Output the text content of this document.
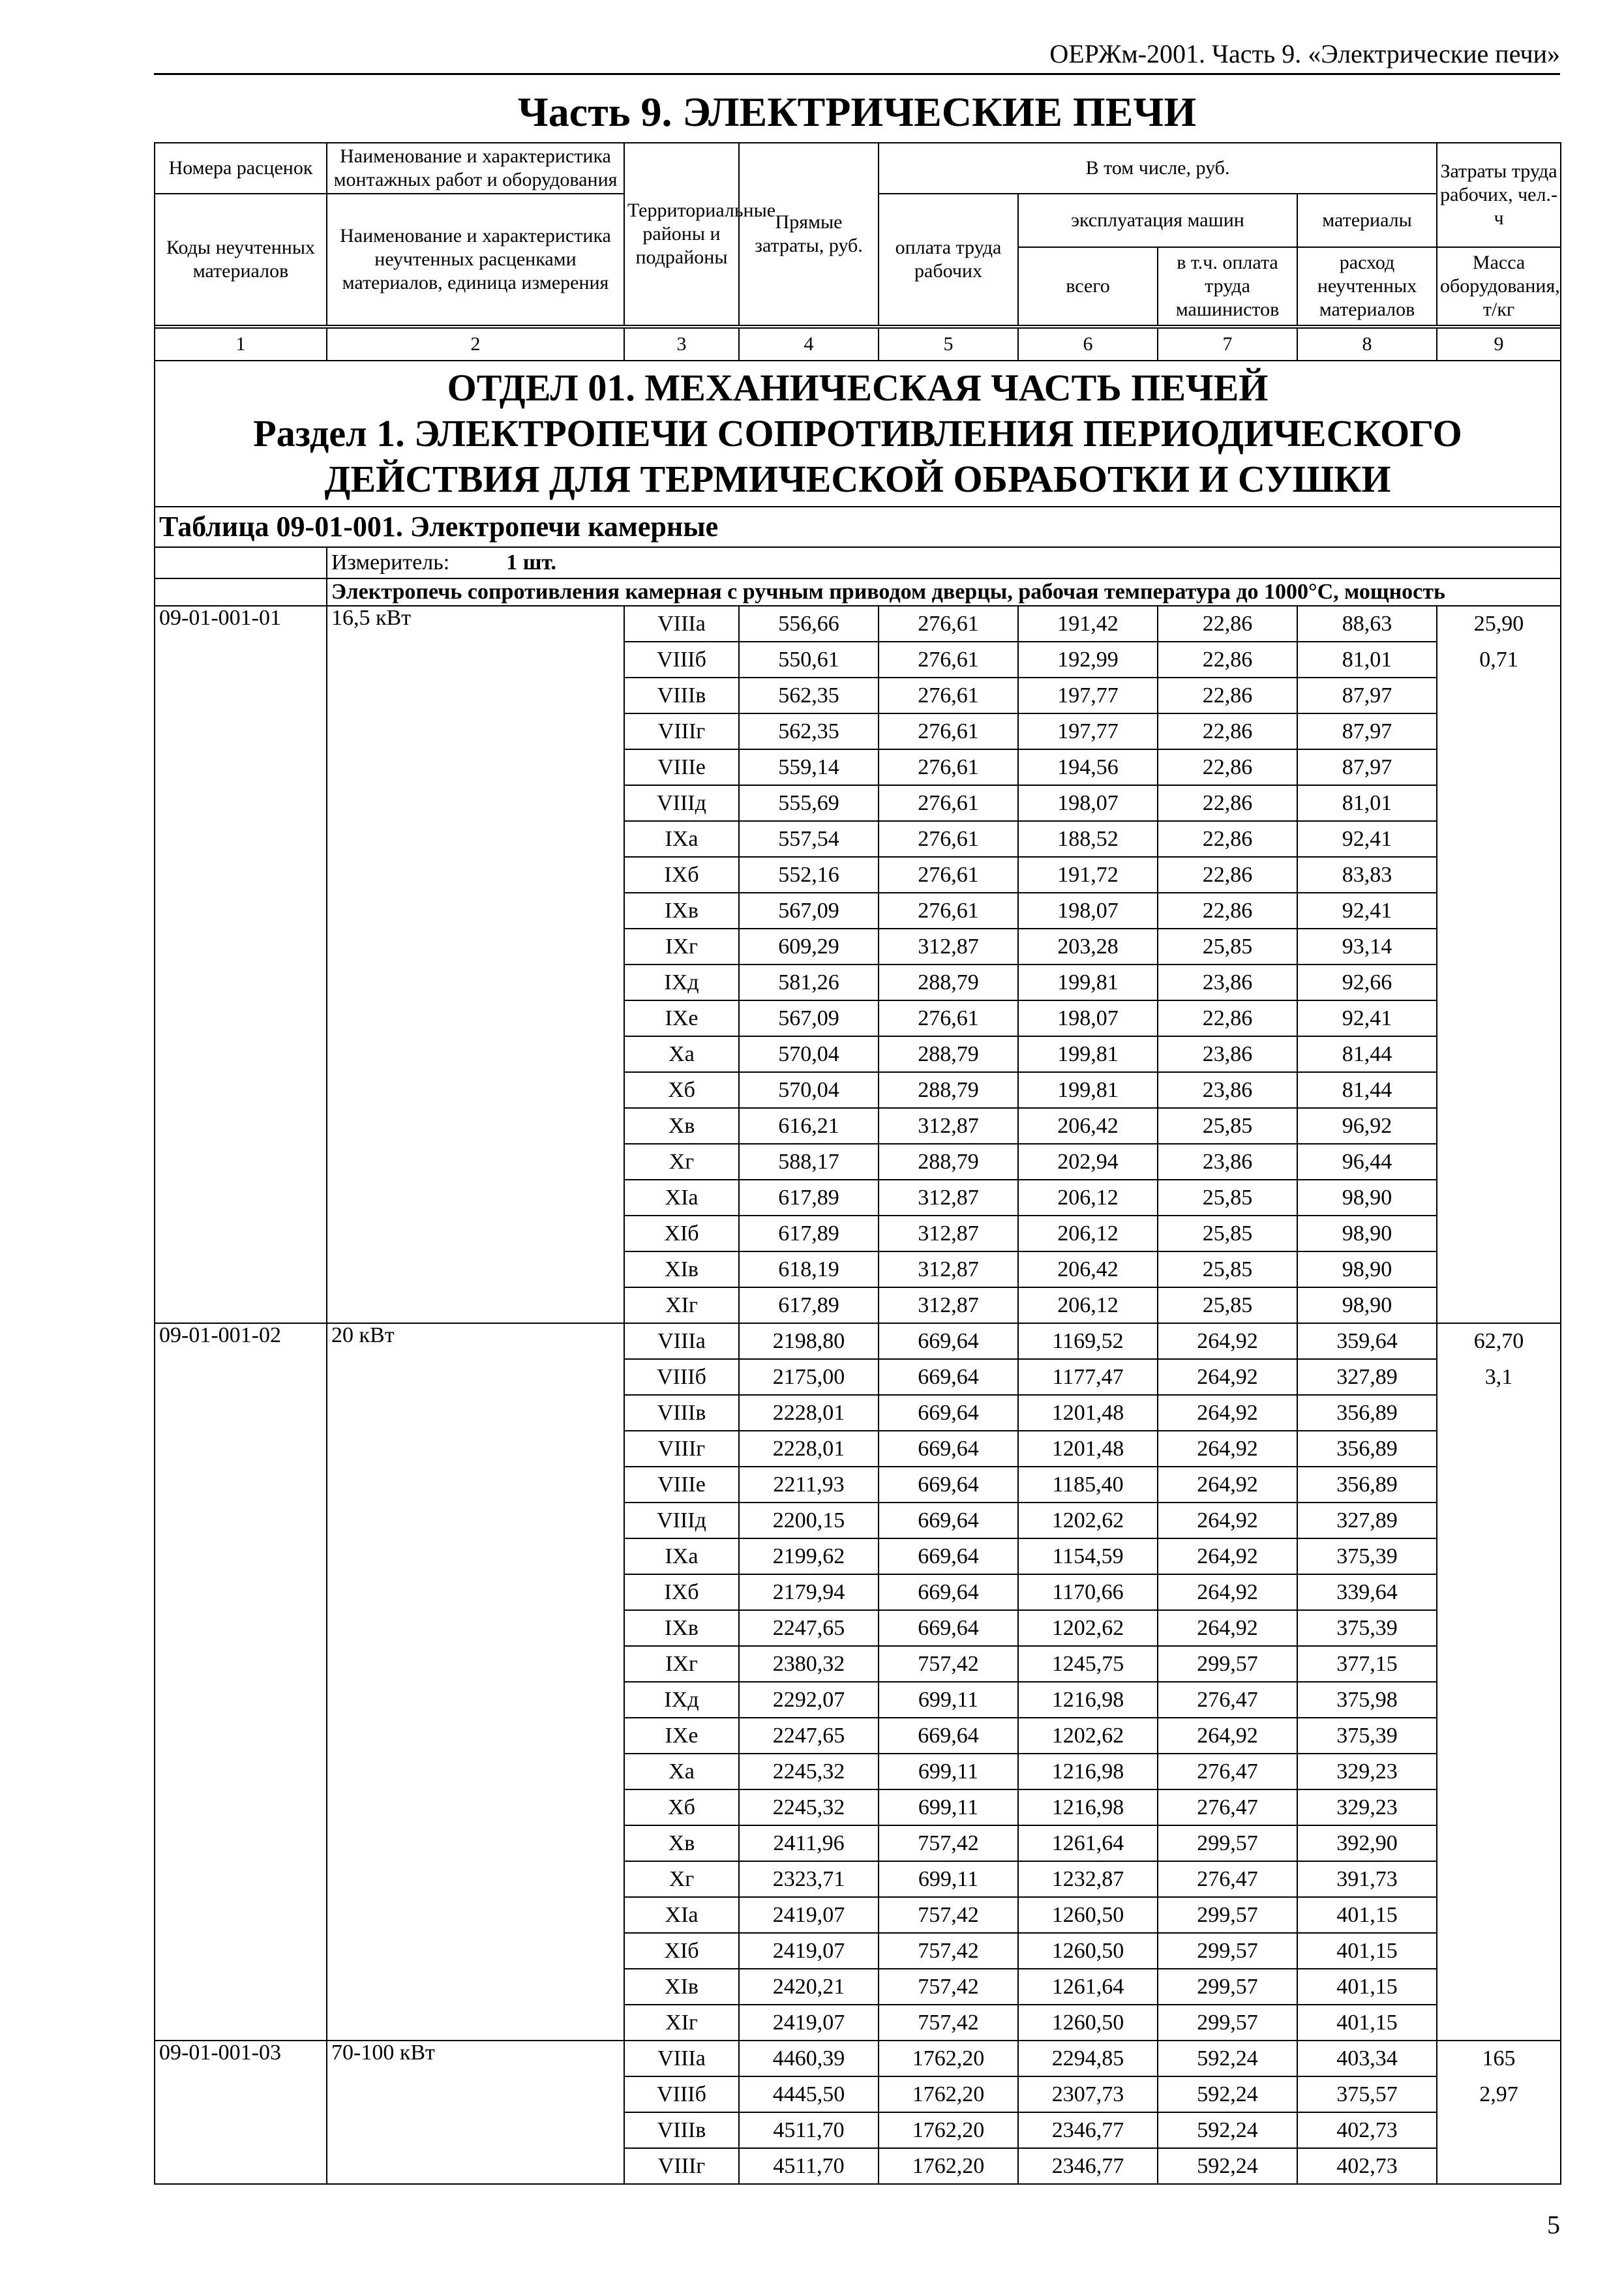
ОЕРЖм-2001. Часть 9. «Электрические печи»
Часть 9. ЭЛЕКТРИЧЕСКИЕ ПЕЧИ
Номера расценок	Наименование и характеристика монтажных работ и оборудования	Территориальные районы и подрайоны	Прямые затраты, руб.	В том числе, руб.				Затраты труда рабочих, чел.-ч
Коды неучтенных материалов	Наименование и характеристика неучтенных расценками материалов, единица измерения			оплата труда рабочих	эксплуатация машин		материалы	
					всего	в т.ч. оплата труда машинистов	расход неучтенных материалов	Масса оборудования, т/кг

1	2	3	4	5	6	7	8	9

ОТДЕЛ 01. МЕХАНИЧЕСКАЯ ЧАСТЬ ПЕЧЕЙ
Раздел 1. ЭЛЕКТРОПЕЧИ СОПРОТИВЛЕНИЯ ПЕРИОДИЧЕСКОГО ДЕЙСТВИЯ ДЛЯ ТЕРМИЧЕСКОЙ ОБРАБОТКИ И СУШКИ								

Таблица 09-01-001. Электропечи камерные								
	Измеритель: 1 шт.							
	Электропечь сопротивления камерная с ручным приводом дверцы, рабочая температура до 1000°С, мощность							
09-01-001-01	16,5 кВт	VIIIа	556,66	276,61	191,42	22,86	88,63	25,90
		VIIIб	550,61	276,61	192,99	22,86	81,01	0,71
		VIIIв	562,35	276,61	197,77	22,86	87,97	
		VIIIг	562,35	276,61	197,77	22,86	87,97	
		VIIIе	559,14	276,61	194,56	22,86	87,97	
		VIIIд	555,69	276,61	198,07	22,86	81,01	
		IXа	557,54	276,61	188,52	22,86	92,41	
		IXб	552,16	276,61	191,72	22,86	83,83	
		IXв	567,09	276,61	198,07	22,86	92,41	
		IXг	609,29	312,87	203,28	25,85	93,14	
		IXд	581,26	288,79	199,81	23,86	92,66	
		IXе	567,09	276,61	198,07	22,86	92,41	
		Xа	570,04	288,79	199,81	23,86	81,44	
		Xб	570,04	288,79	199,81	23,86	81,44	
		Xв	616,21	312,87	206,42	25,85	96,92	
		Xг	588,17	288,79	202,94	23,86	96,44	
		XIа	617,89	312,87	206,12	25,85	98,90	
		XIб	617,89	312,87	206,12	25,85	98,90	
		XIв	618,19	312,87	206,42	25,85	98,90	
		XIг	617,89	312,87	206,12	25,85	98,90	
09-01-001-02	20 кВт	VIIIа	2198,80	669,64	1169,52	264,92	359,64	62,70
		VIIIб	2175,00	669,64	1177,47	264,92	327,89	3,1
		VIIIв	2228,01	669,64	1201,48	264,92	356,89	
		VIIIг	2228,01	669,64	1201,48	264,92	356,89	
		VIIIе	2211,93	669,64	1185,40	264,92	356,89	
		VIIIд	2200,15	669,64	1202,62	264,92	327,89	
		IXа	2199,62	669,64	1154,59	264,92	375,39	
		IXб	2179,94	669,64	1170,66	264,92	339,64	
		IXв	2247,65	669,64	1202,62	264,92	375,39	
		IXг	2380,32	757,42	1245,75	299,57	377,15	
		IXд	2292,07	699,11	1216,98	276,47	375,98	
		IXе	2247,65	669,64	1202,62	264,92	375,39	
		Xа	2245,32	699,11	1216,98	276,47	329,23	
		Xб	2245,32	699,11	1216,98	276,47	329,23	
		Xв	2411,96	757,42	1261,64	299,57	392,90	
		Xг	2323,71	699,11	1232,87	276,47	391,73	
		XIа	2419,07	757,42	1260,50	299,57	401,15	
		XIб	2419,07	757,42	1260,50	299,57	401,15	
		XIв	2420,21	757,42	1261,64	299,57	401,15	
		XIг	2419,07	757,42	1260,50	299,57	401,15	
09-01-001-03	70-100 кВт	VIIIа	4460,39	1762,20	2294,85	592,24	403,34	165
		VIIIб	4445,50	1762,20	2307,73	592,24	375,57	2,97
		VIIIв	4511,70	1762,20	2346,77	592,24	402,73	
		VIIIг	4511,70	1762,20	2346,77	592,24	402,73	
5
